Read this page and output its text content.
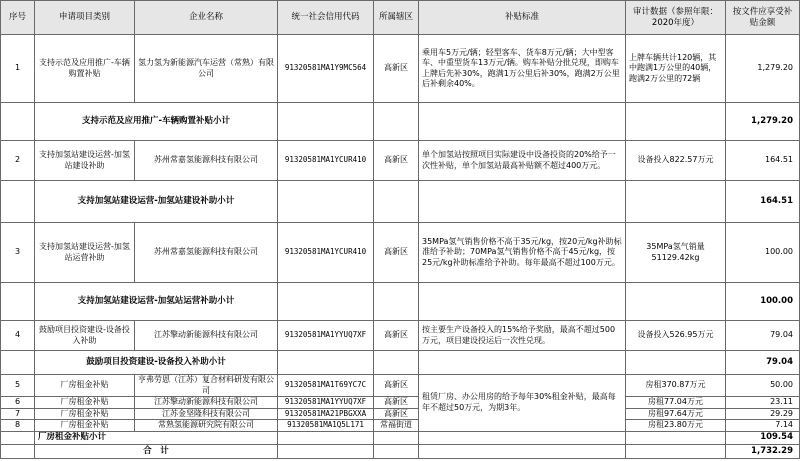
序号	申请项目类别	企业名称	统一社会信用代码	所属辖区	补贴标准	审计数据（参照年限：2020年度）	按文件应享受补贴金额
1	支持示范及应用推广-车辆购置补贴	氢力氢为新能源汽车运营（常熟）有限公司	91320581MA1Y9MC564	高新区	乘用车5万元/辆；轻型客车、货车8万元/辆；大中型客车、中重型货车13万元/辆。购车补贴分批兑现，即购车上牌后先补30%，跑满1万公里后补30%，跑满2万公里后补剩余40%。	上牌车辆共计120辆，其中跑满1万公里的40辆，跑满2万公里的72辆	1,279.20
	支持示范及应用推广-车辆购置补贴小计						1,279.20
2	支持加氢站建设运营-加氢站建设补助	苏州常嘉氢能源科技有限公司	91320581MA1YCUR410	高新区	单个加氢站按照项目实际建设中设备投资的20%给予一次性补贴，单个加氢站最高补贴额不超过400万元。	设备投入822.57万元	164.51
	支持加氢站建设运营-加氢站建设补助小计						164.51
3	支持加氢站建设运营-加氢站运营补助	苏州常嘉氢能源科技有限公司	91320581MA1YCUR410	高新区	35MPa氢气销售价格不高于35元/kg，按20元/kg补助标准给予补助；70MPa氢气销售价格不高于45元/kg，按25元/kg补助标准给予补助。每年最高不超过100万元。	35MPa氢气销量51129.42kg	100.00
	支持加氢站建设运营-加氢站运营补助小计						100.00
4	鼓励项目投资建设-设备投入补助	江苏擎动新能源科技有限公司	91320581MA1YYUQ7XF	高新区	按主要生产设备投入的15%给予奖励，最高不超过500万元，项目建设投运后一次性兑现。	设备投入526.95万元	79.04
	鼓励项目投资建设-设备投入补助小计						79.04
5	厂房租金补贴	亨弗劳恩（江苏）复合材料研发有限公司	91320581MA1T69YC7C	高新区	租赁厂房、办公用房的给予每年30%租金补贴，最高每年不超过50万元，为期3年。	房租370.87万元	50.00
6	厂房租金补贴	江苏擎动新能源科技有限公司	91320581MA1YYUQ7XF	高新区		房租77.04万元	23.11
7	厂房租金补贴	江苏金坚隆科技有限公司	91320581MA21PBGXXA	高新区		房租97.64万元	29.29
8	厂房租金补贴	常熟氢能源研究院有限公司	91320581MA1Q5L171	常福街道		房租23.80万元	7.14
	厂房租金补贴小计						109.54
	合　计						1,732.29
